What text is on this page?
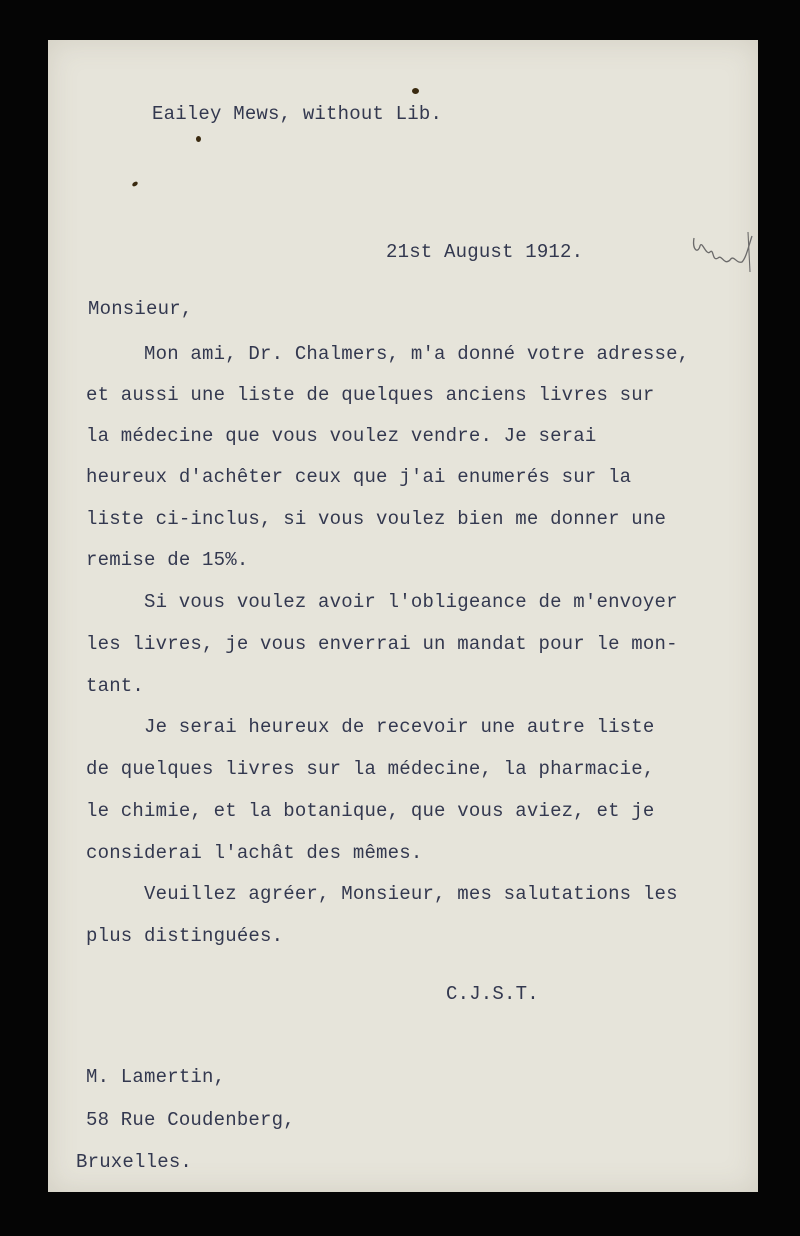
Eailey Mews, without Lib.
21st August 1912.
Monsieur,
Mon ami, Dr. Chalmers, m'a donné votre adresse,
et aussi une liste de quelques anciens livres sur
la médecine que vous voulez vendre. Je serai
heureux d'achêter ceux que j'ai enumerés sur la
liste ci-inclus, si vous voulez bien me donner une
remise de 15%.
Si vous voulez avoir l'obligeance de m'envoyer
les livres, je vous enverrai un mandat pour le mon-
tant.
Je serai heureux de recevoir une autre liste
de quelques livres sur la médecine, la pharmacie,
le chimie, et la botanique, que vous aviez, et je
considerai l'achât des mêmes.
Veuillez agréer, Monsieur, mes salutations les
plus distinguées.
C.J.S.T.
M. Lamertin,
58 Rue Coudenberg,
Bruxelles.
